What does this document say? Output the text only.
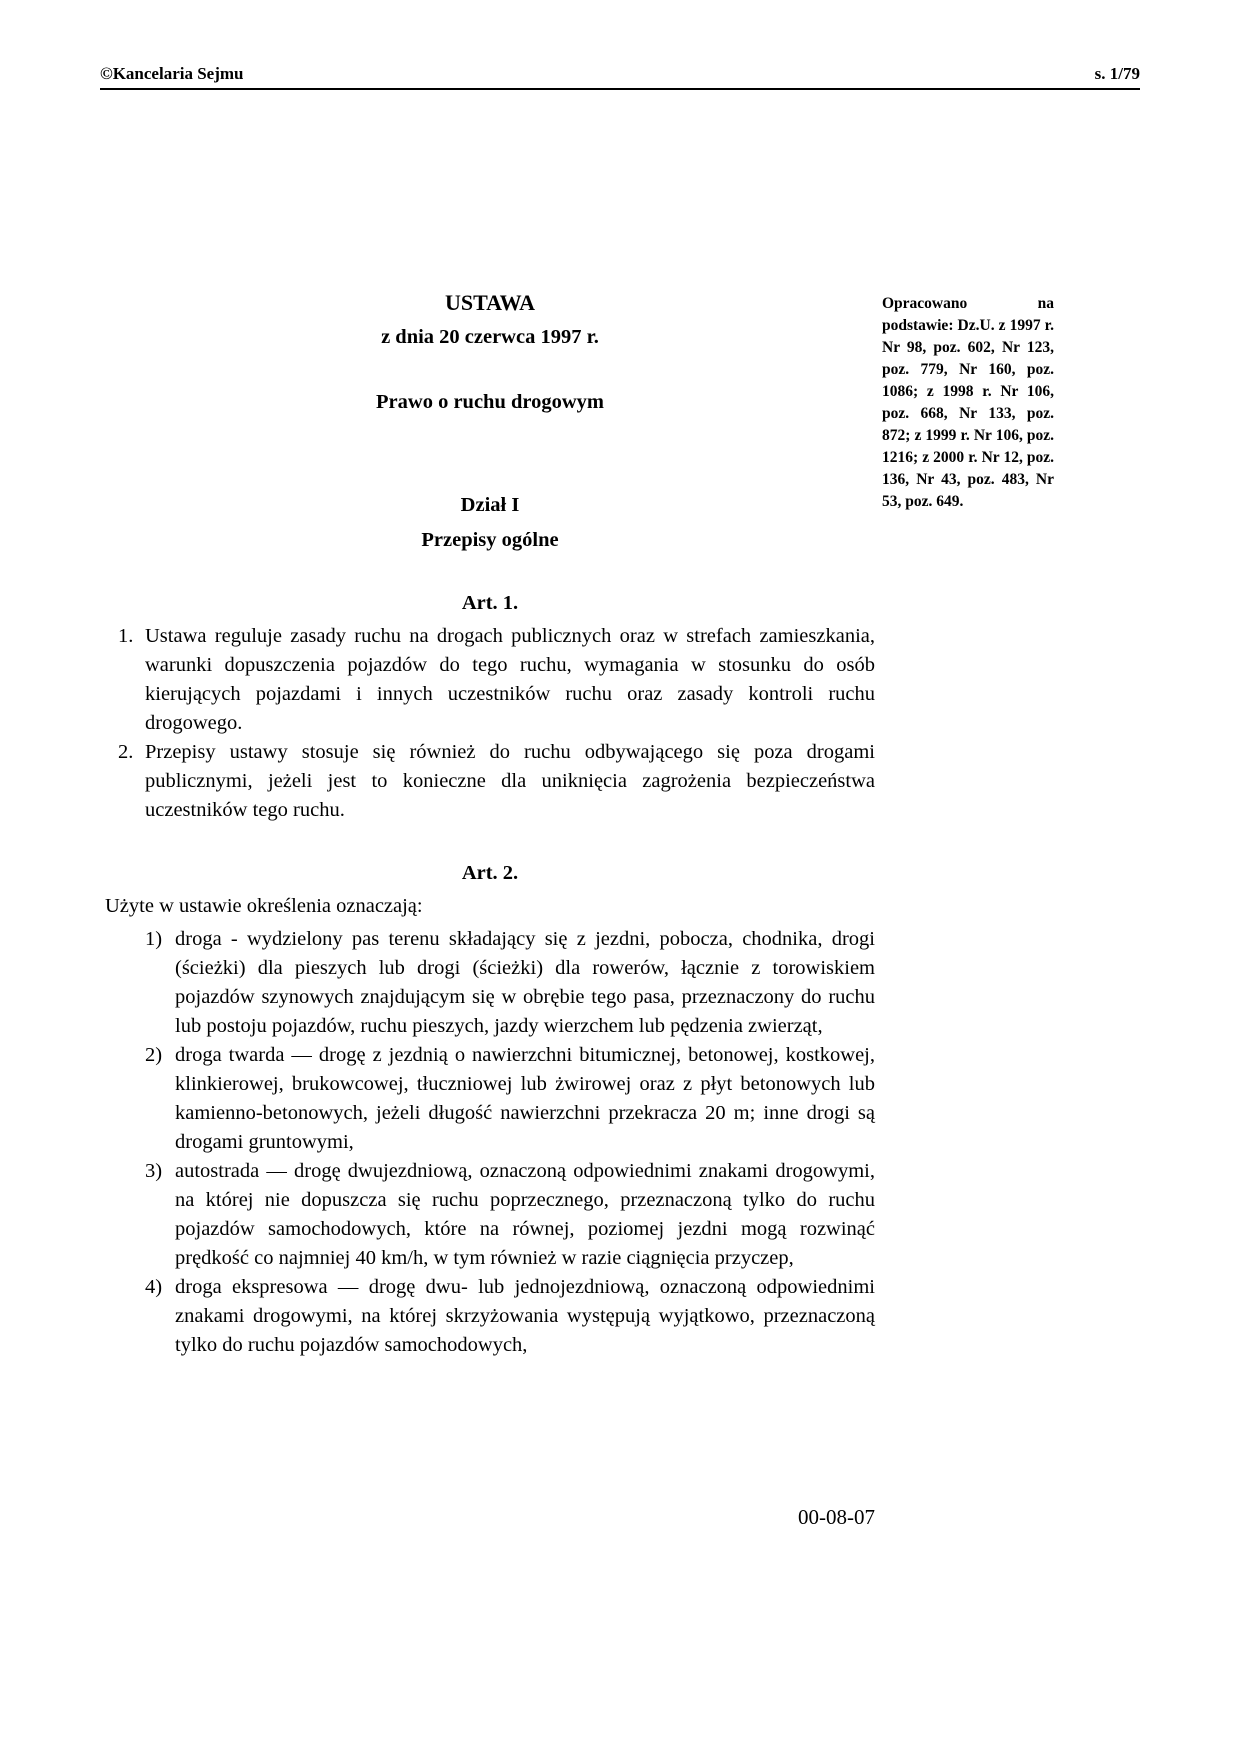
©Kancelaria Sejmu	s. 1/79
USTAWA
z dnia 20 czerwca 1997 r.
Prawo o ruchu drogowym
Dział I
Przepisy ogólne
Art. 1.
1. Ustawa reguluje zasady ruchu na drogach publicznych oraz w strefach zamieszkania, warunki dopuszczenia pojazdów do tego ruchu, wymagania w stosunku do osób kierujących pojazdami i innych uczestników ruchu oraz zasady kontroli ruchu drogowego.
2. Przepisy ustawy stosuje się również do ruchu odbywającego się poza drogami publicznymi, jeżeli jest to konieczne dla uniknięcia zagrożenia bezpieczeństwa uczestników tego ruchu.
Art. 2.
Użyte w ustawie określenia oznaczają:
1) droga - wydzielony pas terenu składający się z jezdni, pobocza, chodnika, drogi (ścieżki) dla pieszych lub drogi (ścieżki) dla rowerów, łącznie z torowiskiem pojazdów szynowych znajdującym się w obrębie tego pasa, przeznaczony do ruchu lub postoju pojazdów, ruchu pieszych, jazdy wierzchem lub pędzenia zwierząt,
2) droga twarda — drogę z jezdnią o nawierzchni bitumicznej, betonowej, kostkowej, klinkierowej, brukowcowej, tłuczniowej lub żwirowej oraz z płyt betonowych lub kamienno-betonowych, jeżeli długość nawierzchni przekracza 20 m; inne drogi są drogami gruntowymi,
3) autostrada — drogę dwujezdniową, oznaczoną odpowiednimi znakami drogowymi, na której nie dopuszcza się ruchu poprzecznego, przeznaczoną tylko do ruchu pojazdów samochodowych, które na równej, poziomej jezdni mogą rozwinąć prędkość co najmniej 40 km/h, w tym również w razie ciągnięcia przyczep,
4) droga ekspresowa — drogę dwu- lub jednojezdniową, oznaczoną odpowiednimi znakami drogowymi, na której skrzyżowania występują wyjątkowo, przeznaczoną tylko do ruchu pojazdów samochodowych,
Opracowano na podstawie: Dz.U. z 1997 r. Nr 98, poz. 602, Nr 123, poz. 779, Nr 160, poz. 1086; z 1998 r. Nr 106, poz. 668, Nr 133, poz. 872; z 1999 r. Nr 106, poz. 1216; z 2000 r. Nr 12, poz. 136, Nr 43, poz. 483, Nr 53, poz. 649.
00-08-07
